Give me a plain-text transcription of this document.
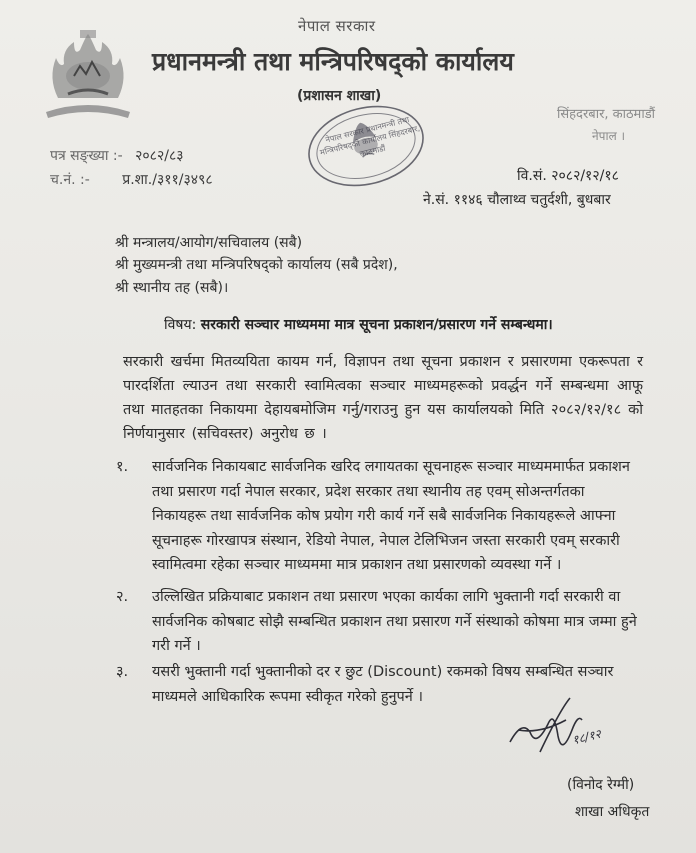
नेपाल सरकार
प्रधानमन्त्री तथा मन्त्रिपरिषद्को कार्यालय
(प्रशासन शाखा)
नेपाल सरकार प्रधानमन्त्री तथा मन्त्रिपरिषद्को कार्यालय सिंहदरबार, काठमाडौं
सिंहदरबार, काठमाडौं
नेपाल ।
पत्र सङ्ख्या :- २०८२/८३
च.नं. :- प्र.शा./३११/३४९८	वि.सं. २०८२/१२/१८
ने.सं. ११४६ चौलाथ्व चतुर्दशी, बुधबार
श्री मन्त्रालय/आयोग/सचिवालय (सबै)
श्री मुख्यमन्त्री तथा मन्त्रिपरिषद्को कार्यालय (सबै प्रदेश),
श्री स्थानीय तह (सबै)।
विषय: सरकारी सञ्चार माध्यममा मात्र सूचना प्रकाशन/प्रसारण गर्ने सम्बन्धमा।
सरकारी खर्चमा मितव्ययिता कायम गर्न, विज्ञापन तथा सूचना प्रकाशन र प्रसारणमा एकरूपता र पारदर्शिता ल्याउन तथा सरकारी स्वामित्वका सञ्चार माध्यमहरूको प्रवर्द्धन गर्ने सम्बन्धमा आफू तथा मातहतका निकायमा देहायबमोजिम गर्नु/गराउनु हुन यस कार्यालयको मिति २०८२/१२/१८ को निर्णयानुसार (सचिवस्तर) अनुरोध छ ।
१. सार्वजनिक निकायबाट सार्वजनिक खरिद लगायतका सूचनाहरू सञ्चार माध्यममार्फत प्रकाशन तथा प्रसारण गर्दा नेपाल सरकार, प्रदेश सरकार तथा स्थानीय तह एवम् सोअन्तर्गतका निकायहरू तथा सार्वजनिक कोष प्रयोग गरी कार्य गर्ने सबै सार्वजनिक निकायहरूले आफ्ना सूचनाहरू गोरखापत्र संस्थान, रेडियो नेपाल, नेपाल टेलिभिजन जस्ता सरकारी एवम् सरकारी स्वामित्वमा रहेका सञ्चार माध्यममा मात्र प्रकाशन तथा प्रसारणको व्यवस्था गर्ने ।
२. उल्लिखित प्रक्रियाबाट प्रकाशन तथा प्रसारण भएका कार्यका लागि भुक्तानी गर्दा सरकारी वा सार्वजनिक कोषबाट सोझै सम्बन्धित प्रकाशन तथा प्रसारण गर्ने संस्थाको कोषमा मात्र जम्मा हुने गरी गर्ने ।
३. यसरी भुक्तानी गर्दा भुक्तानीको दर र छुट (Discount) रकमको विषय सम्बन्धित सञ्चार माध्यमले आधिकारिक रूपमा स्वीकृत गरेको हुनुपर्ने ।
१८/१२
(विनोद रेग्मी)
शाखा अधिकृत
